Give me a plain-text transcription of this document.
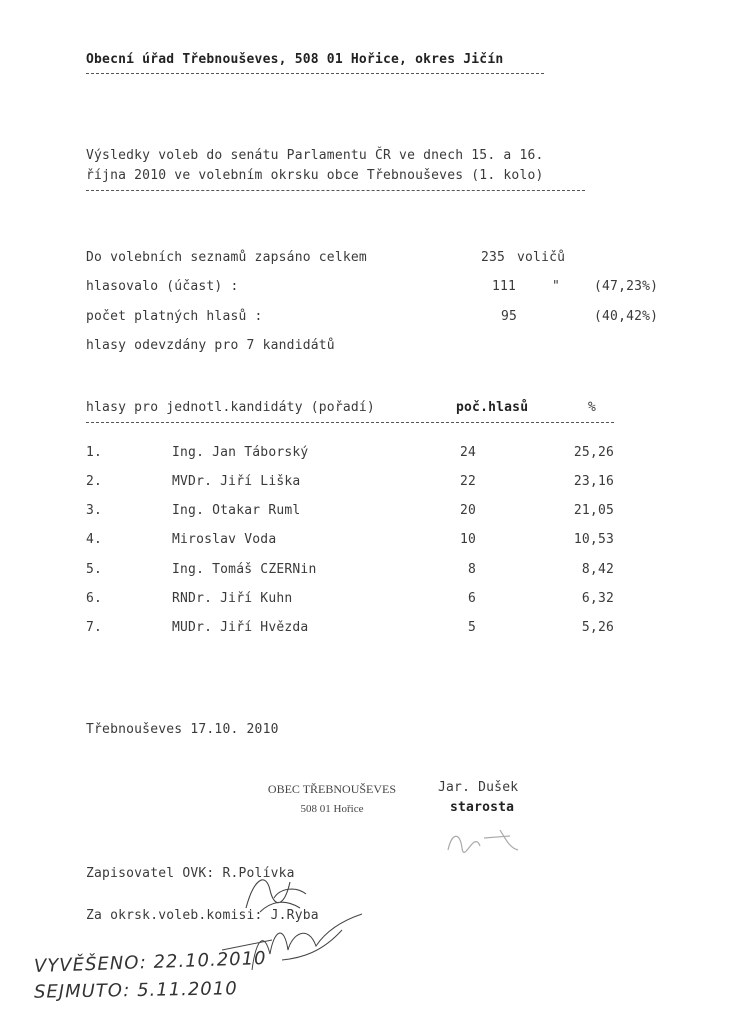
Obecní úřad Třebnouševes, 508 01 Hořice, okres Jičín
Výsledky voleb do senátu Parlamentu ČR ve dnech 15. a 16.
října 2010 ve volebním okrsku obce Třebnouševes (1. kolo)
Do volebních seznamů zapsáno celkem	235 voličů
hlasovalo (účast) :	111	"	(47,23%)
počet platných hlasů :	95	(40,42%)
hlasy odevzdány pro 7 kandidátů
hlasy pro jednotl.kandidáty (pořadí)	poč.hlasů	%
1.	Ing. Jan Táborský	24	25,26
2.	MVDr. Jiří Liška	22	23,16
3.	Ing. Otakar Ruml	20	21,05
4.	Miroslav Voda	10	10,53
5.	Ing. Tomáš CZERNin	8	8,42
6.	RNDr. Jiří Kuhn	6	6,32
7.	MUDr. Jiří Hvězda	5	5,26
Třebnouševes 17.10. 2010
OBEC TŘEBNOUŠEVES
508 01 Hořice
Jar. Dušek
starosta
Zapisovatel OVK: R.Polívka
Za okrsk.voleb.komisi: J.Ryba
VYVĚŠENO: 22.10.2010
SEJMUTO: 5.11.2010
